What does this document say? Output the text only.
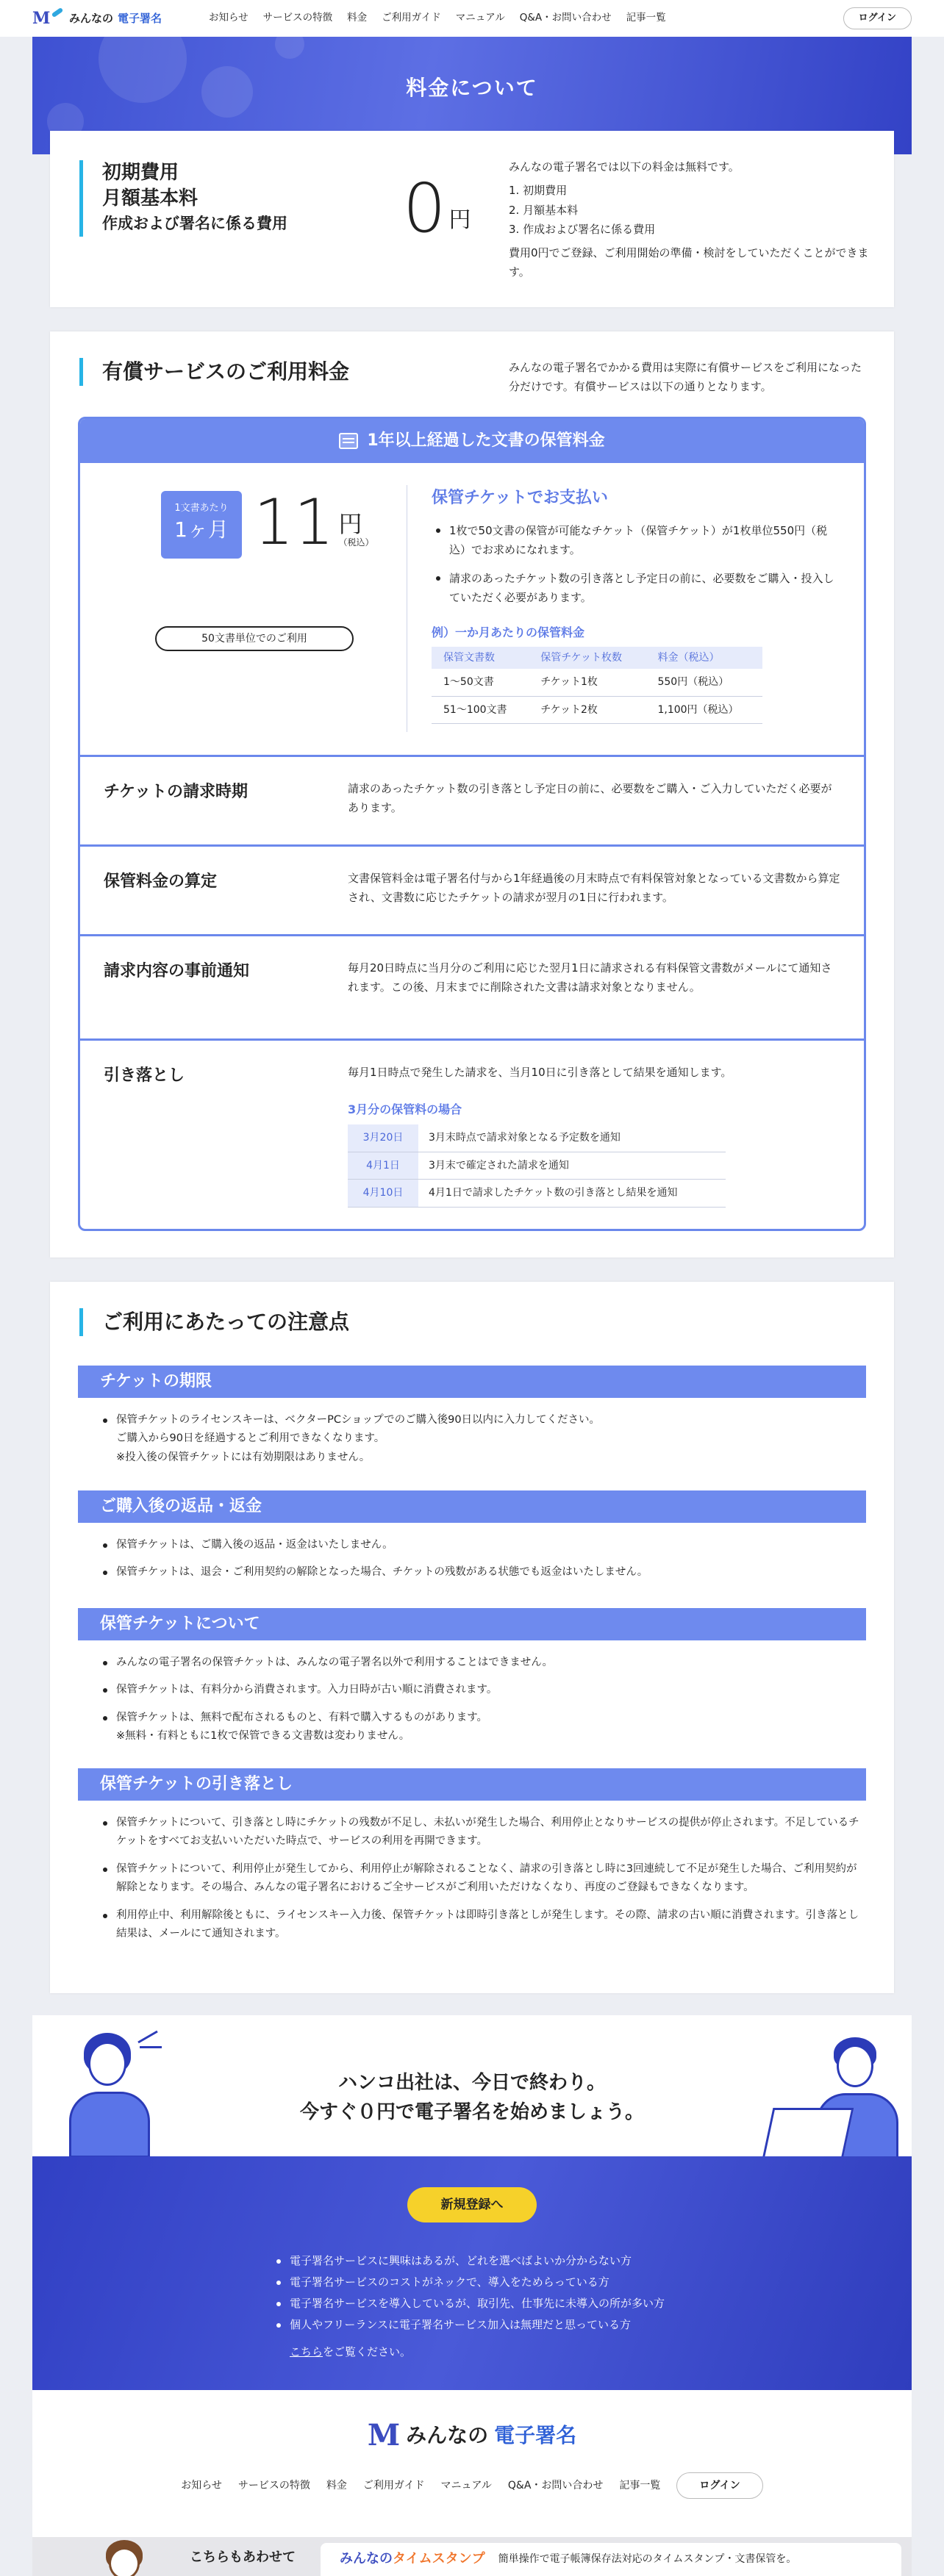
M みんなの 電子署名	お知らせ サービスの特徴 料金 ご利用ガイド マニュアル Q&A・お問い合わせ 記事一覧	ログイン
料金について
初期費用
月額基本料
作成および署名に係る費用 0 円

みんなの電子署名では以下の料金は無料です。

1. 初期費用
2. 月額基本料
3. 作成および署名に係る費用

費用0円でご登録、ご利用開始の準備・検討をしていただくことができます。

有償サービスのご利用料金	みんなの電子署名でかかる費用は実際に有償サービスをご利用になった分だけです。有償サービスは以下の通りとなります。

1年以上経過した文書の保管料金
1文書あたり
1ヶ月 11 円
（税込）
50文書単位でのご利用
保管チケットでお支払い
1枚で50文書の保管が可能なチケット（保管チケット）が1枚単位550円（税込）でお求めになれます。
請求のあったチケット数の引き落とし予定日の前に、必要数をご購入・投入していただく必要があります。
例）一か月あたりの保管料金
保管文書数	保管チケット枚数	料金（税込）
1〜50文書	チケット1枚	550円（税込）
51〜100文書	チケット2枚	1,100円（税込）
チケットの請求時期	請求のあったチケット数の引き落とし予定日の前に、必要数をご購入・ご入力していただく必要があります。
保管料金の算定	文書保管料金は電子署名付与から1年経過後の月末時点で有料保管対象となっている文書数から算定され、文書数に応じたチケットの請求が翌月の1日に行われます。
請求内容の事前通知	毎月20日時点に当月分のご利用に応じた翌月1日に請求される有料保管文書数がメールにて通知されます。この後、月末までに削除された文書は請求対象となりません。
引き落とし	毎月1日時点で発生した請求を、当月10日に引き落として結果を通知します。

3月分の保管料の場合
3月20日	3月末時点で請求対象となる予定数を通知
4月1日	3月末で確定された請求を通知
4月10日	4月1日で請求したチケット数の引き落とし結果を通知
ご利用にあたっての注意点
チケットの期限
保管チケットのライセンスキーは、ベクターPCショップでのご購入後90日以内に入力してください。
ご購入から90日を経過するとご利用できなくなります。
※投入後の保管チケットには有効期限はありません。
ご購入後の返品・返金
保管チケットは、ご購入後の返品・返金はいたしません。
保管チケットは、退会・ご利用契約の解除となった場合、チケットの残数がある状態でも返金はいたしません。
保管チケットについて
みんなの電子署名の保管チケットは、みんなの電子署名以外で利用することはできません。
保管チケットは、有料分から消費されます。入力日時が古い順に消費されます。
保管チケットは、無料で配布されるものと、有料で購入するものがあります。
※無料・有料ともに1枚で保管できる文書数は変わりません。
保管チケットの引き落とし
保管チケットについて、引き落とし時にチケットの残数が不足し、未払いが発生した場合、利用停止となりサービスの提供が停止されます。不足しているチケットをすべてお支払いいただいた時点で、サービスの利用を再開できます。
保管チケットについて、利用停止が発生してから、利用停止が解除されることなく、請求の引き落とし時に3回連続して不足が発生した場合、ご利用契約が解除となります。その場合、みんなの電子署名におけるご全サービスがご利用いただけなくなり、再度のご登録もできなくなります。
利用停止中、利用解除後ともに、ライセンスキー入力後、保管チケットは即時引き落としが発生します。その際、請求の古い順に消費されます。引き落とし結果は、メールにて通知されます。
ハンコ出社は、今日で終わり。
今すぐ０円で電子署名を始めましょう。
新規登録へ
電子署名サービスに興味はあるが、どれを選べばよいか分からない方
電子署名サービスのコストがネックで、導入をためらっている方
電子署名サービスを導入しているが、取引先、仕事先に未導入の所が多い方
個人やフリーランスに電子署名サービス加入は無理だと思っている方
こちらをご覧ください。
M みんなの 電子署名
お知らせ サービスの特徴 料金 ご利用ガイド マニュアル Q&A・お問い合わせ 記事一覧	ログイン
こちらもあわせて	みんなのタイムスタンプ 簡単操作で電子帳簿保存法対応のタイムスタンプ・文書保管を。
